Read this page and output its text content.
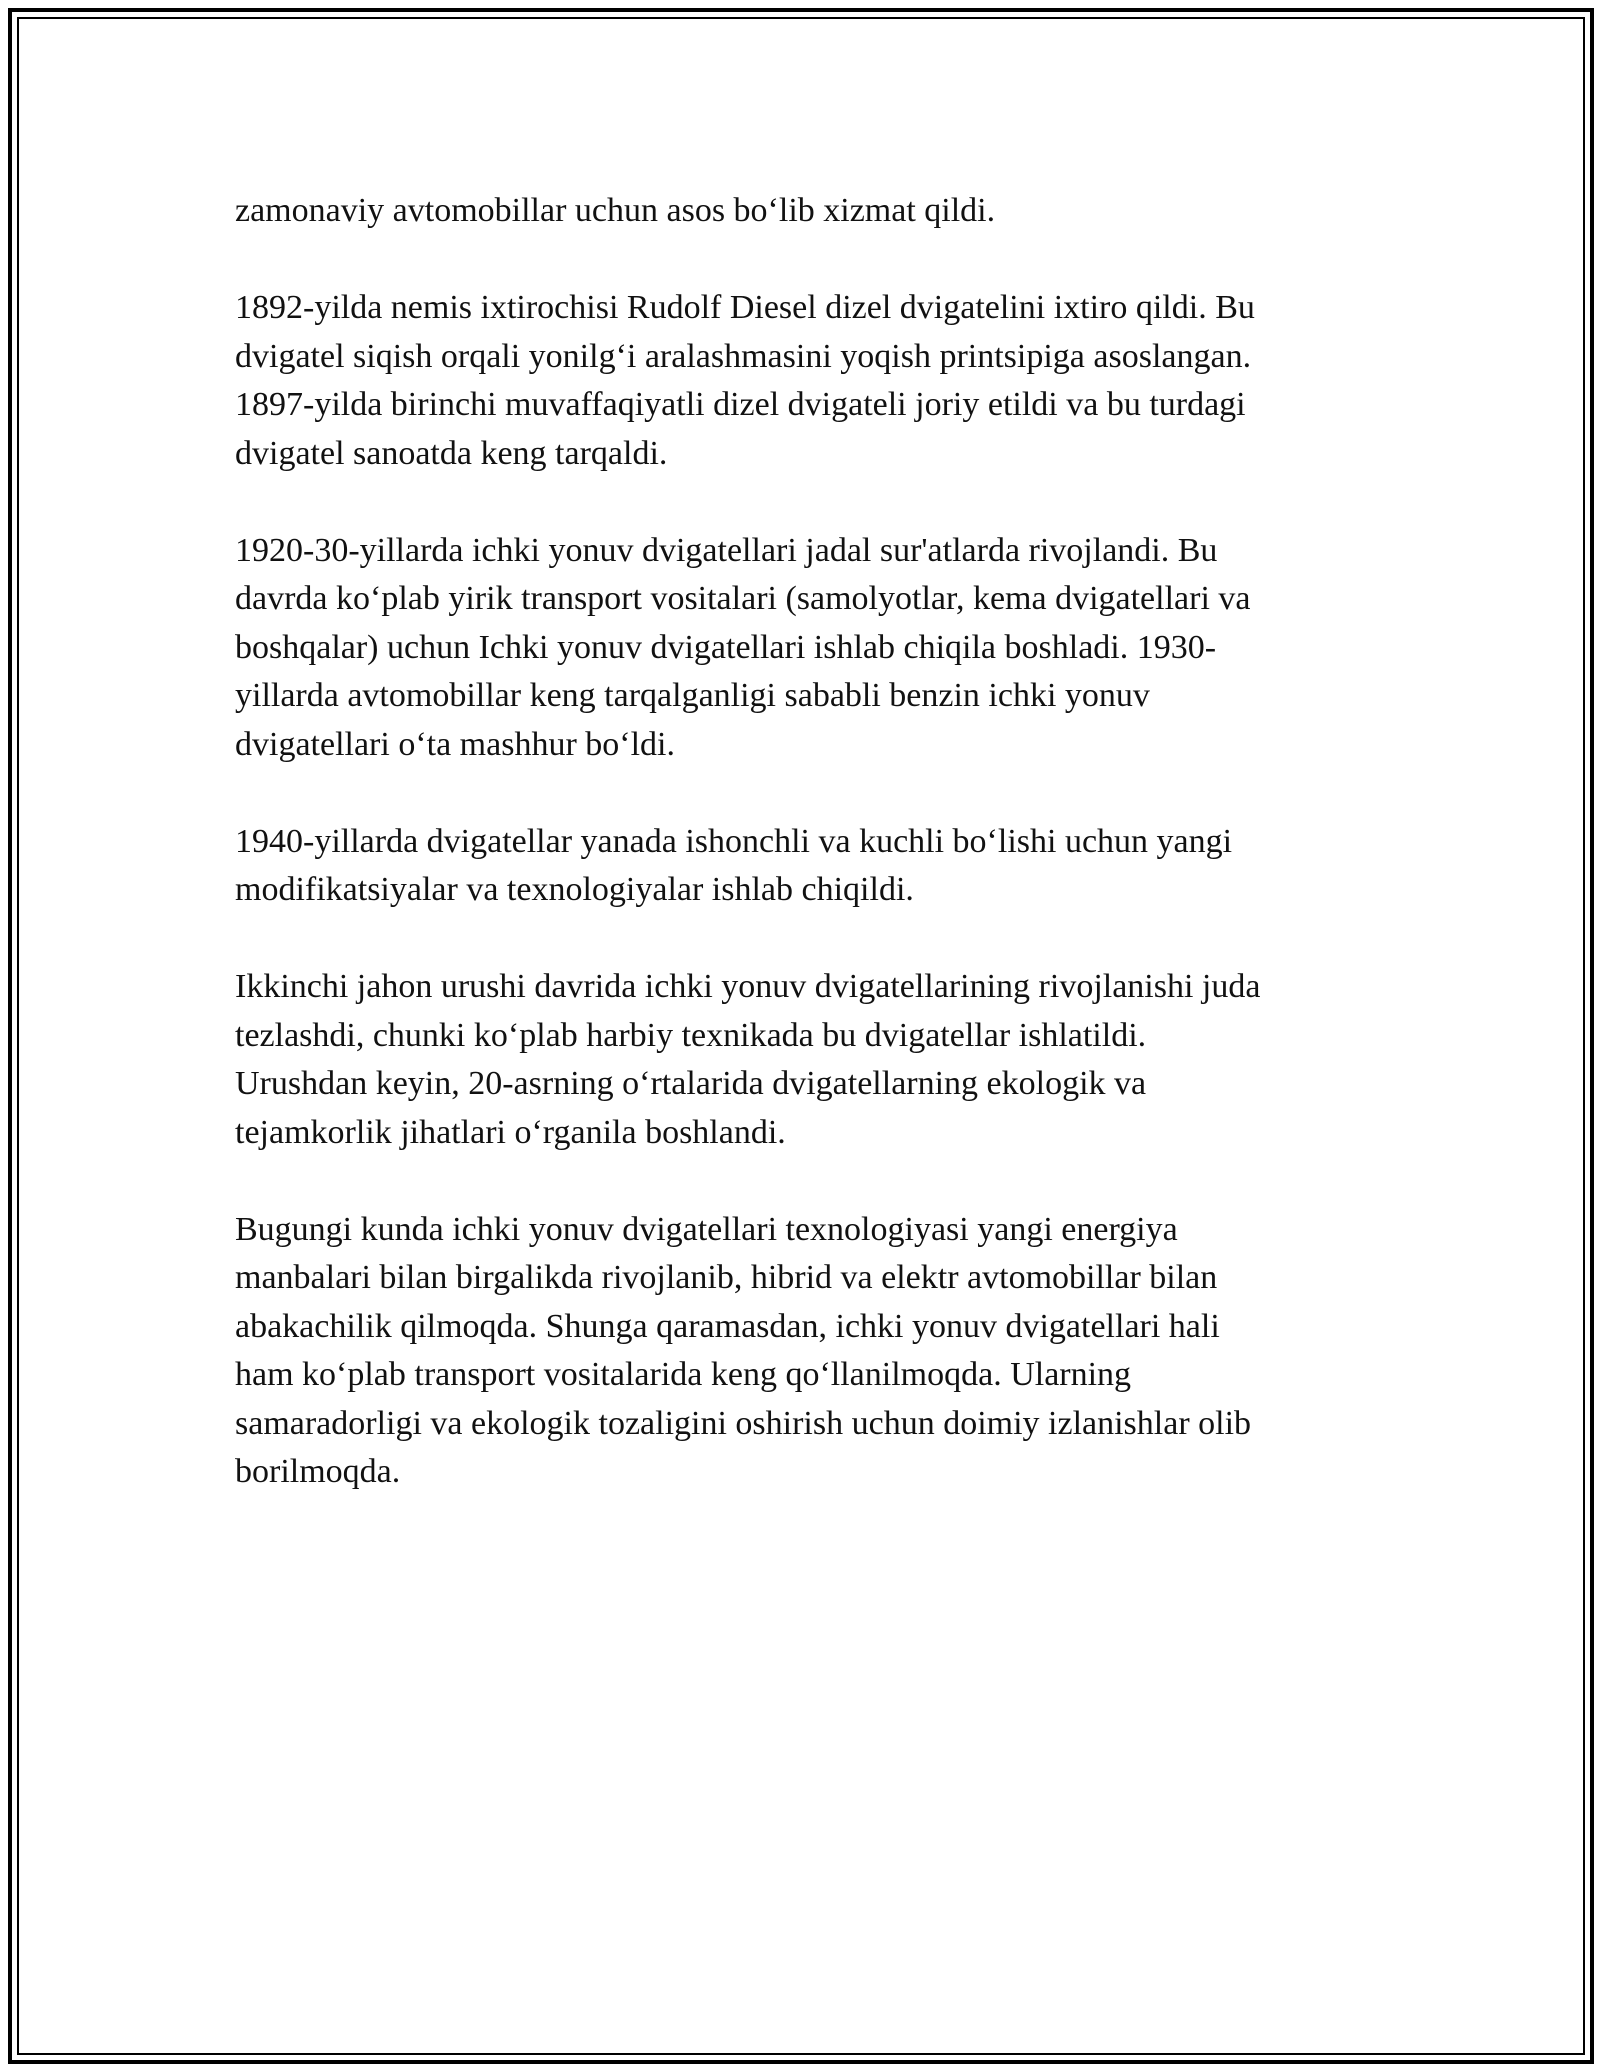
zamonaviy avtomobillar uchun asos bo‘lib xizmat qildi.

1892-yilda nemis ixtirochisi Rudolf Diesel dizel dvigatelini ixtiro qildi. Bu
dvigatel siqish orqali yonilg‘i aralashmasini yoqish printsipiga asoslangan.
1897-yilda birinchi muvaffaqiyatli dizel dvigateli joriy etildi va bu turdagi
dvigatel sanoatda keng tarqaldi.

1920-30-yillarda ichki yonuv dvigatellari jadal sur'atlarda rivojlandi. Bu
davrda ko‘plab yirik transport vositalari (samolyotlar, kema dvigatellari va
boshqalar) uchun Ichki yonuv dvigatellari ishlab chiqila boshladi. 1930-
yillarda avtomobillar keng tarqalganligi sababli benzin ichki yonuv
dvigatellari o‘ta mashhur bo‘ldi.

1940-yillarda dvigatellar yanada ishonchli va kuchli bo‘lishi uchun yangi
modifikatsiyalar va texnologiyalar ishlab chiqildi.

Ikkinchi jahon urushi davrida ichki yonuv dvigatellarining rivojlanishi juda
tezlashdi, chunki ko‘plab harbiy texnikada bu dvigatellar ishlatildi.
Urushdan keyin, 20-asrning o‘rtalarida dvigatellarning ekologik va
tejamkorlik jihatlari o‘rganila boshlandi.

Bugungi kunda ichki yonuv dvigatellari texnologiyasi yangi energiya
manbalari bilan birgalikda rivojlanib, hibrid va elektr avtomobillar bilan
abakachilik qilmoqda. Shunga qaramasdan, ichki yonuv dvigatellari hali
ham ko‘plab transport vositalarida keng qo‘llanilmoqda. Ularning
samaradorligi va ekologik tozaligini oshirish uchun doimiy izlanishlar olib
borilmoqda.
